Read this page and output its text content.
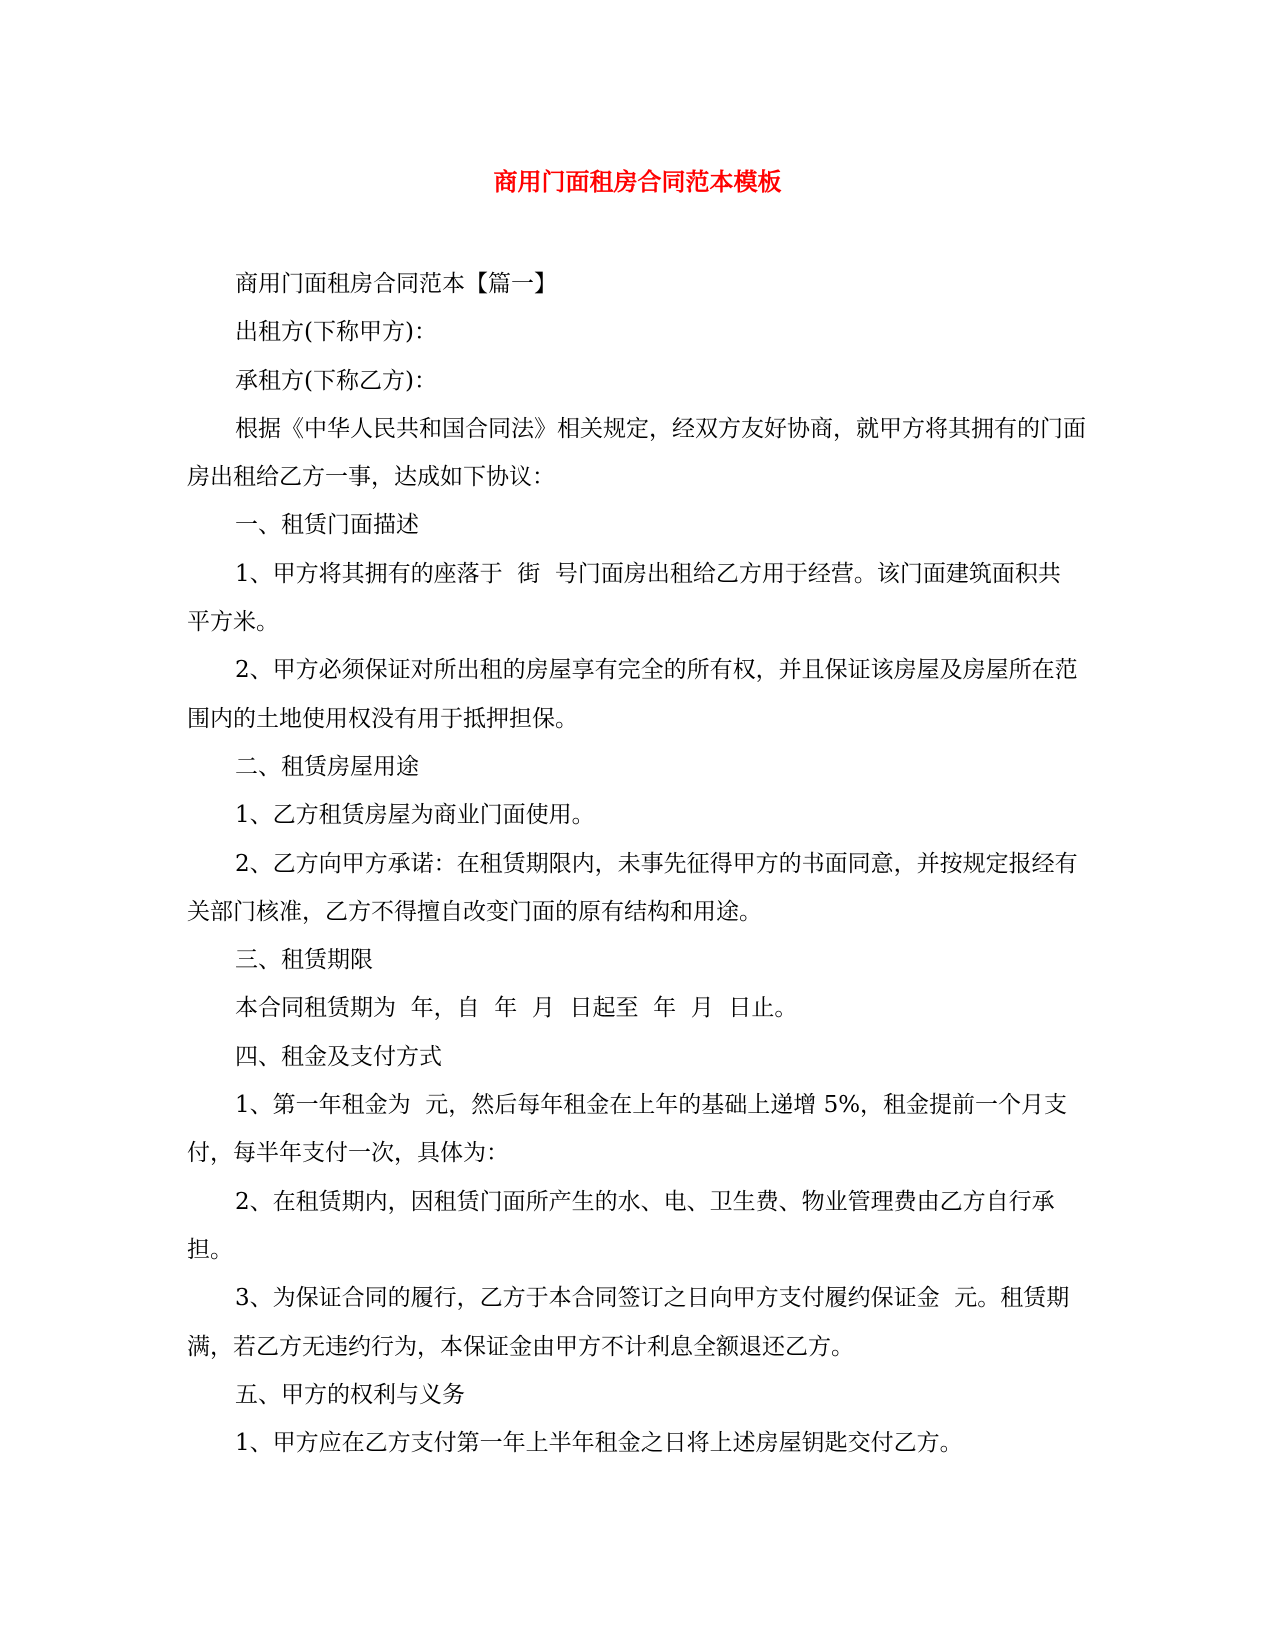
商用门面租房合同范本模板

商用门面租房合同范本【篇一】

出租方(下称甲方)：

承租方(下称乙方)：

根据《中华人民共和国合同法》相关规定，经双方友好协商，就甲方将其拥有的门面房出租给乙方一事，达成如下协议：

一、租赁门面描述

1、甲方将其拥有的座落于  街  号门面房出租给乙方用于经营。该门面建筑面积共  平方米。

2、甲方必须保证对所出租的房屋享有完全的所有权，并且保证该房屋及房屋所在范围内的土地使用权没有用于抵押担保。

二、租赁房屋用途

1、乙方租赁房屋为商业门面使用。

2、乙方向甲方承诺：在租赁期限内，未事先征得甲方的书面同意，并按规定报经有关部门核准，乙方不得擅自改变门面的原有结构和用途。

三、租赁期限

本合同租赁期为  年，自  年  月  日起至  年  月  日止。

四、租金及支付方式

1、第一年租金为  元，然后每年租金在上年的基础上递增 5%，租金提前一个月支付，每半年支付一次，具体为：

2、在租赁期内，因租赁门面所产生的水、电、卫生费、物业管理费由乙方自行承担。

3、为保证合同的履行，乙方于本合同签订之日向甲方支付履约保证金  元。租赁期满，若乙方无违约行为，本保证金由甲方不计利息全额退还乙方。

五、甲方的权利与义务

1、甲方应在乙方支付第一年上半年租金之日将上述房屋钥匙交付乙方。
